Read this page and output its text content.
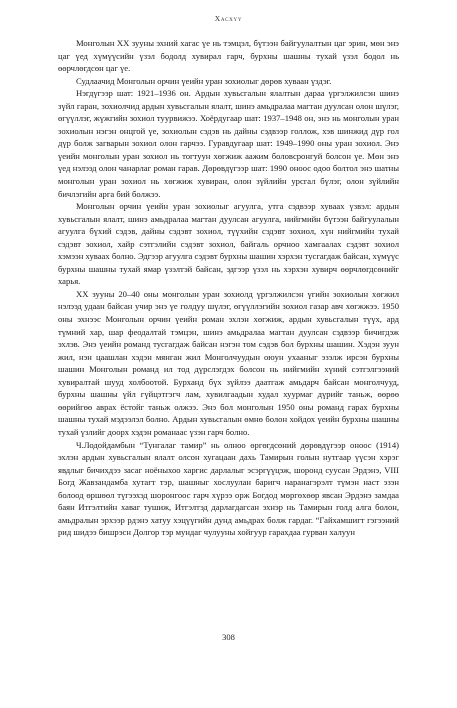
Хасхүү

Монголын XX зууны эхний хагас үе нь тэмцэл, бүтээн байгуулалтын цаг эрин, мөн энэ цаг үед хүмүүсийн үзэл бодолд хувирал гарч, бурхны шашны тухай үзэл бодол нь өөрчлөгдсөн цаг үе.

Судлаачид Монголын орчин үеийн уран зохиолыг дөрөв хуваан үздэг.

Нэгдүгээр шат: 1921–1936 он. Ардын хувьсгалын ялалтын дараа үргэлжилсэн шинэ зүйл гаран, зохиолчид ардын хувьсгалын ялалт, шинэ амьдралаа магтан дуулсан олон шүлэг, өгүүллэг, жүжгийн зохиол туурвижээ. Хоёрдугаар шат: 1937–1948 он, энэ нь монголын уран зохиолын нэгэн онцгой үе, зохиолын сэдэв нь дайны сэдвээр голлож, хэв шинжид дүр гол дүр болж загварын зохиол олон гарчээ. Гуравдугаар шат: 1949–1990 оны уран зохиол. Энэ үеийн монголын уран зохиол нь тогтуун хөгжиж аажим боловсронгуй болсон үе. Мөн энэ үед нэлээд олон чанарлаг роман гарав. Дөрөвдүгээр шат: 1990 оноос одоо болтол энэ шатны монголын уран зохиол нь хөгжиж хувиран, олон зүйлийн урсгал бүлэг, олон зүйлийн бичлэгийн арга бий болжээ.

Монголын орчин үеийн уран зохиолыг агуулга, утга сэдвээр хуваах үзвэл: ардын хувьсгалын ялалт, шинэ амьдралаа магтан дуулсан агуулга, нийгмийн бүтээн байгуулалын агуулга бүхий сэдэв, дайны сэдэвт зохиол, түүхийн сэдэвт зохиол, хүн нийгмийн тухай сэдэвт зохиол, хайр сэтгэлийн сэдэвт зохиол, байгаль орчноо хамгаалах сэдэвт зохиол хэмээн хуваах болно. Эдгээр агуулга сэдэвт бурхны шашин хэрхэн тусгагдаж байсан, хүмүүс бурхны шашны тухай ямар үзэлтэй байсан, эдгээр үзэл нь хэрхэн хувирч өөрчлөгдсөнийг харья.

XX зууны 20–40 оны монголын уран зохиолд үргэлжилсэн үгийн зохиолын хөгжил нэлээд удаан байсан учир энэ үе голдуу шүлэг, өгүүллэгийн зохиол газар авч хөгжжээ. 1950 оны эхнээс Монголын орчин үеийн роман эхлэн хөгжиж, ардын хувьсгалын түүх, ард түмний хар, шар феодалтай тэмцэн, шинэ амьдралаа магтан дуулсан сэдвээр бичигдэж эхлэв. Энэ үеийн романд тусгагдаж байсан нэгэн том сэдэв бол бурхны шашин. Хэдэн зуун жил, нэн цаашлан хэдэн мянган жил Монголчуудын оюун ухааныг эзэлж ирсэн бурхны шашин Монголын романд ил тод дүрслэгдэх болсон нь нийгмийн хүний сэтгэлгээний хувиралтай шууд холбоотой. Бурханд бүх зүйлээ даатгаж амьдарч байсан монголчууд, бурхны шашны үйл гүйцэтгэгч лам, хувилгаадын худал хуурмаг дүрийг таньж, өөрөө өөрийгөө аврах ёстойг таньж олжээ. Энэ бол монголын 1950 оны романд гарах бурхны шашны тухай мэдээлэл болно. Ардын хувьсгалын өмнө болон хойдох үеийн бурхны шашны тухай үзлийг доорх хэдэн романаас үзэн гарч болно.

Ч.Лодойдамбын “Тунгалаг тамир” нь олноо өргөгдсөний дөрөвдүгээр оноос (1914) эхлэн ардын хувьсгалын ялалт олсон хугацаан дахь Тамирын голын нутгаар үүсэн хэрэг явдлыг бичихдээ засаг ноёныхоо харгис дарлалыг эсэргүүцэж, шоронд суусан Эрдэнэ, VIII Богд Жавзандамба хутагт тэр, шашныг хослуулан баригч наранагэрэлт түмэн наст эзэн болоод өршөөл түгээхэд шоронгоос гарч хүрээ орж Богдод мөргөхөөр явсан Эрдэнэ замдаа баян Итгэлтийн хаваг тушиж, Итгэлтэд дарлагдагсан эхнэр нь Тамирын голд алга болон, амьдралын эрхээр рдэнэ хатуу хэцүүгийн дунд амьдрах болж гардаг. “Гайхамшигт гэгээний рид шидээ бишрэсн Долгор тэр мундаг чулууны хойгуур гарахдаа гурван халуун

308
